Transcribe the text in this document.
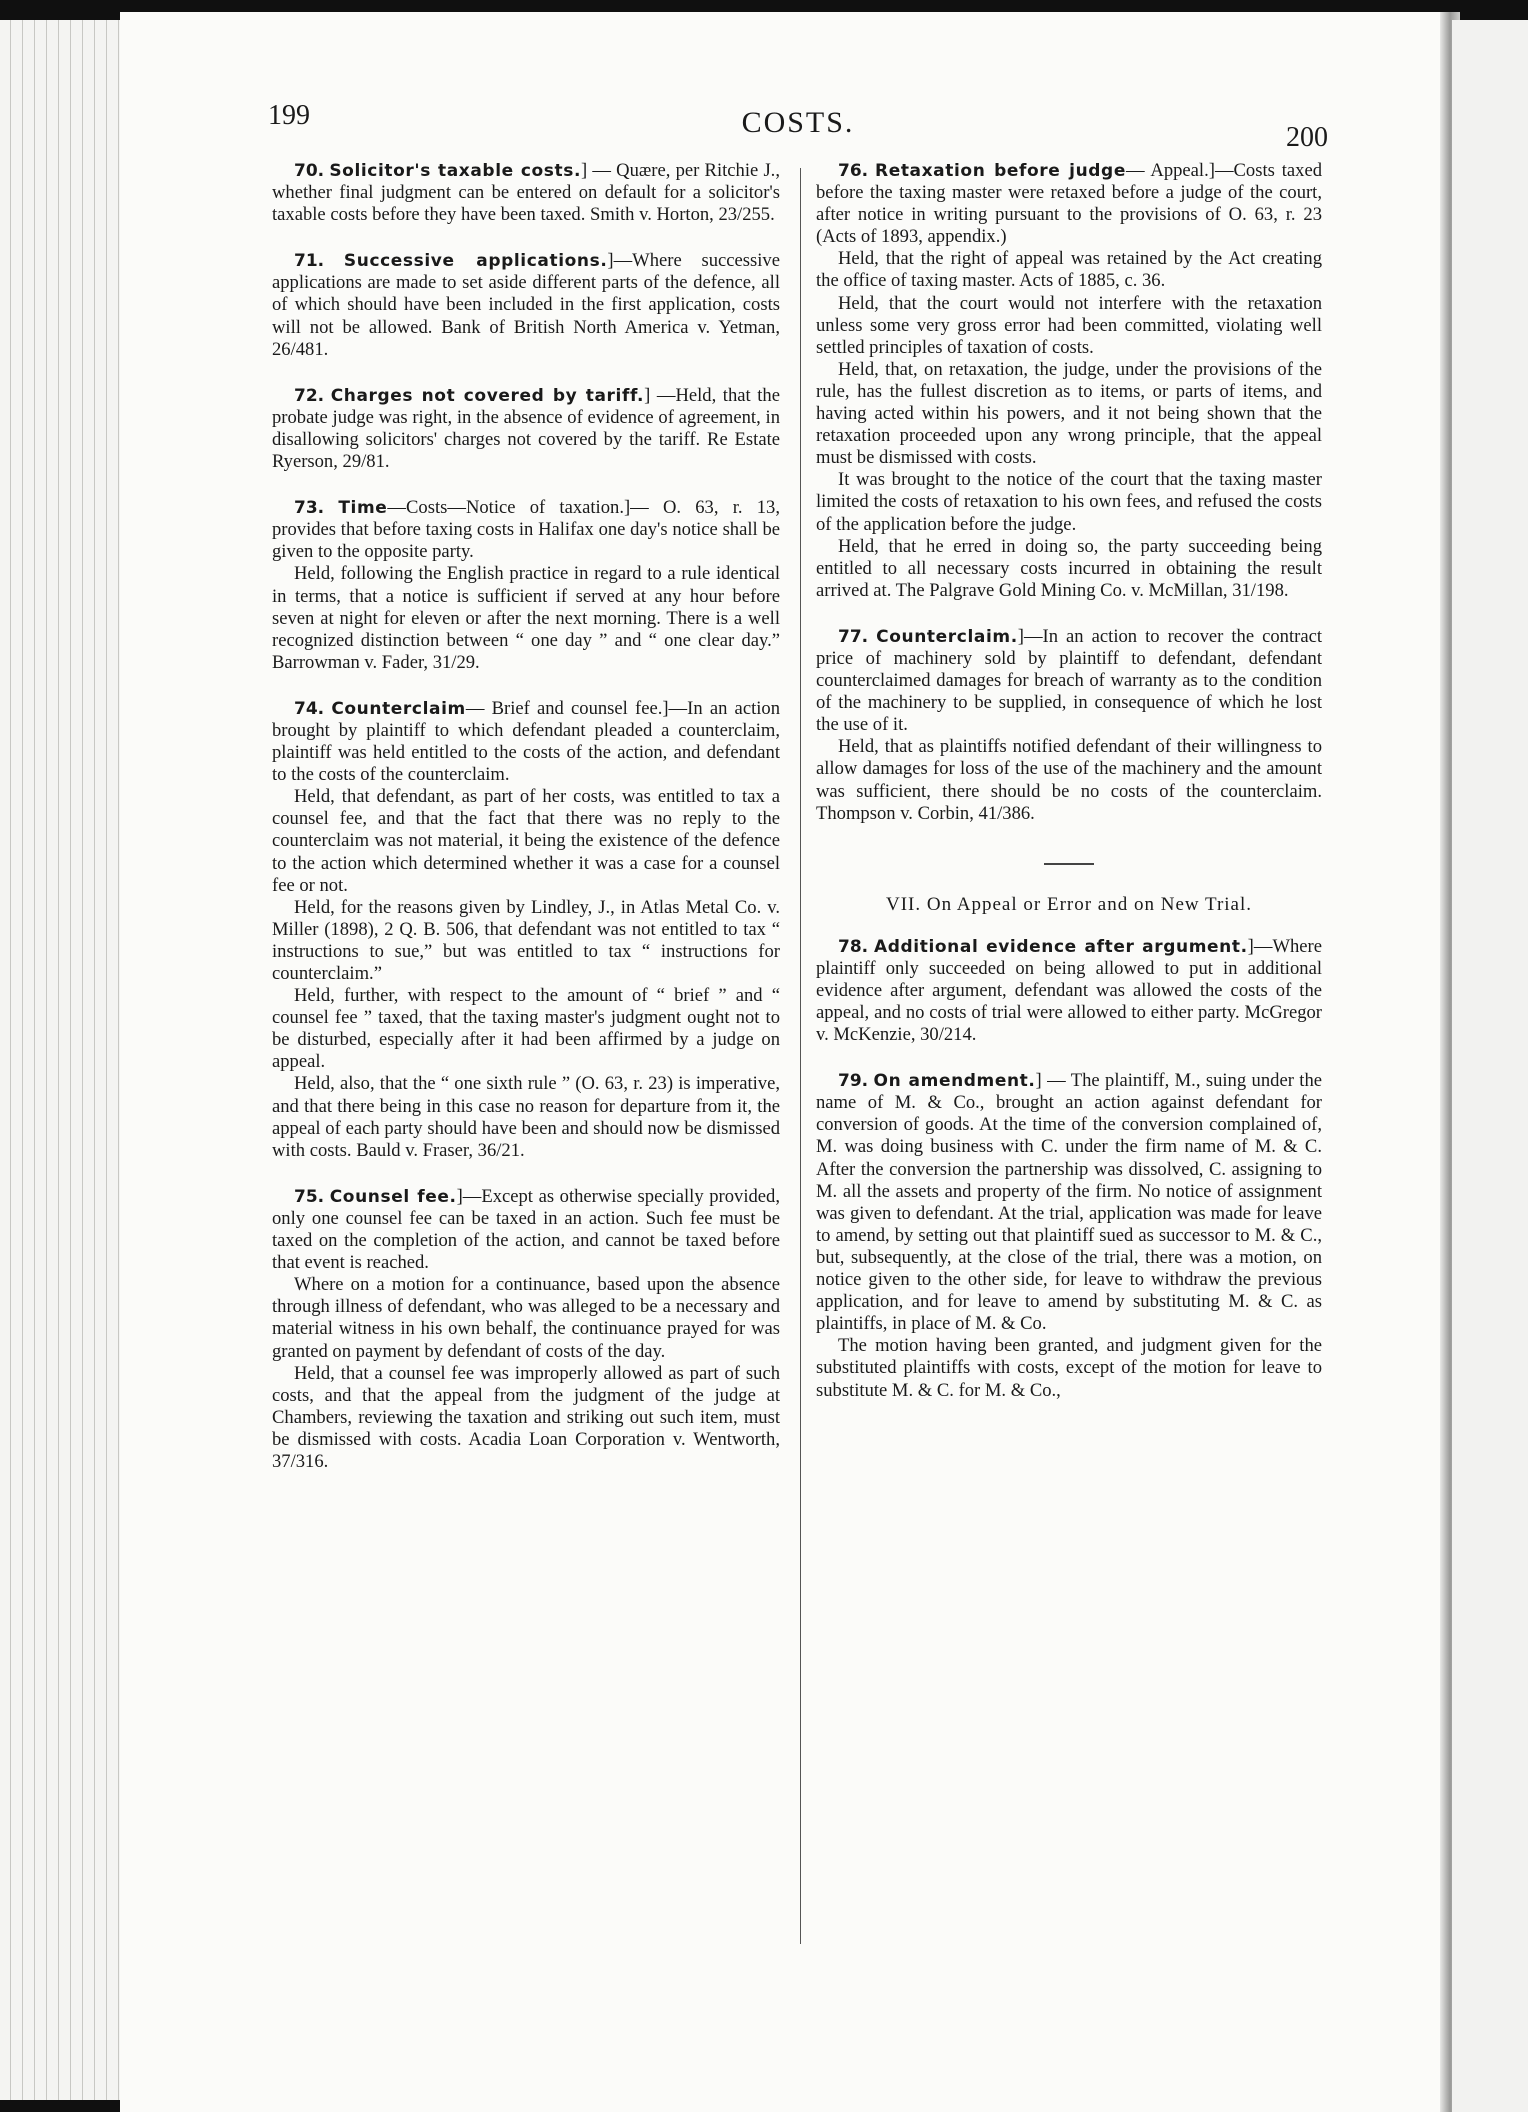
199	COSTS.	200

70. Solicitor's taxable costs.] — Quære, per Ritchie J., whether final judgment can be entered on default for a solicitor's taxable costs before they have been taxed. Smith v. Horton, 23/255.

71. Successive applications.]—Where successive applications are made to set aside different parts of the defence, all of which should have been included in the first application, costs will not be allowed. Bank of British North America v. Yetman, 26/481.

72. Charges not covered by tariff.] —Held, that the probate judge was right, in the absence of evidence of agreement, in disallowing solicitors' charges not covered by the tariff. Re Estate Ryerson, 29/81.

73. Time—Costs—Notice of taxation.]— O. 63, r. 13, provides that before taxing costs in Halifax one day's notice shall be given to the opposite party.

Held, following the English practice in regard to a rule identical in terms, that a notice is sufficient if served at any hour before seven at night for eleven or after the next morning. There is a well recognized distinction between “ one day ” and “ one clear day.” Barrowman v. Fader, 31/29.

74. Counterclaim— Brief and counsel fee.]—In an action brought by plaintiff to which defendant pleaded a counterclaim, plaintiff was held entitled to the costs of the action, and defendant to the costs of the counterclaim.

Held, that defendant, as part of her costs, was entitled to tax a counsel fee, and that the fact that there was no reply to the counterclaim was not material, it being the existence of the defence to the action which determined whether it was a case for a counsel fee or not.

Held, for the reasons given by Lindley, J., in Atlas Metal Co. v. Miller (1898), 2 Q. B. 506, that defendant was not entitled to tax “ instructions to sue,” but was entitled to tax “ instructions for counterclaim.”

Held, further, with respect to the amount of “ brief ” and “ counsel fee ” taxed, that the taxing master's judgment ought not to be disturbed, especially after it had been affirmed by a judge on appeal.

Held, also, that the “ one sixth rule ” (O. 63, r. 23) is imperative, and that there being in this case no reason for departure from it, the appeal of each party should have been and should now be dismissed with costs. Bauld v. Fraser, 36/21.

75. Counsel fee.]—Except as otherwise specially provided, only one counsel fee can be taxed in an action. Such fee must be taxed on the completion of the action, and cannot be taxed before that event is reached.

Where on a motion for a continuance, based upon the absence through illness of defendant, who was alleged to be a necessary and material witness in his own behalf, the continuance prayed for was granted on payment by defendant of costs of the day.

Held, that a counsel fee was improperly allowed as part of such costs, and that the appeal from the judgment of the judge at Chambers, reviewing the taxation and striking out such item, must be dismissed with costs. Acadia Loan Corporation v. Wentworth, 37/316.

76. Retaxation before judge— Appeal.]—Costs taxed before the taxing master were retaxed before a judge of the court, after notice in writing pursuant to the provisions of O. 63, r. 23 (Acts of 1893, appendix.)

Held, that the right of appeal was retained by the Act creating the office of taxing master. Acts of 1885, c. 36.

Held, that the court would not interfere with the retaxation unless some very gross error had been committed, violating well settled principles of taxation of costs.

Held, that, on retaxation, the judge, under the provisions of the rule, has the fullest discretion as to items, or parts of items, and having acted within his powers, and it not being shown that the retaxation proceeded upon any wrong principle, that the appeal must be dismissed with costs.

It was brought to the notice of the court that the taxing master limited the costs of retaxation to his own fees, and refused the costs of the application before the judge.

Held, that he erred in doing so, the party succeeding being entitled to all necessary costs incurred in obtaining the result arrived at. The Palgrave Gold Mining Co. v. McMillan, 31/198.

77. Counterclaim.]—In an action to recover the contract price of machinery sold by plaintiff to defendant, defendant counterclaimed damages for breach of warranty as to the condition of the machinery to be supplied, in consequence of which he lost the use of it.

Held, that as plaintiffs notified defendant of their willingness to allow damages for loss of the use of the machinery and the amount was sufficient, there should be no costs of the counterclaim. Thompson v. Corbin, 41/386.

VII. On Appeal or Error and on New Trial.

78. Additional evidence after argument.]—Where plaintiff only succeeded on being allowed to put in additional evidence after argument, defendant was allowed the costs of the appeal, and no costs of trial were allowed to either party. McGregor v. McKenzie, 30/214.

79. On amendment.] — The plaintiff, M., suing under the name of M. & Co., brought an action against defendant for conversion of goods. At the time of the conversion complained of, M. was doing business with C. under the firm name of M. & C. After the conversion the partnership was dissolved, C. assigning to M. all the assets and property of the firm. No notice of assignment was given to defendant. At the trial, application was made for leave to amend, by setting out that plaintiff sued as successor to M. & C., but, subsequently, at the close of the trial, there was a motion, on notice given to the other side, for leave to withdraw the previous application, and for leave to amend by substituting M. & C. as plaintiffs, in place of M. & Co.

The motion having been granted, and judgment given for the substituted plaintiffs with costs, except of the motion for leave to substitute M. & C. for M. & Co.,
